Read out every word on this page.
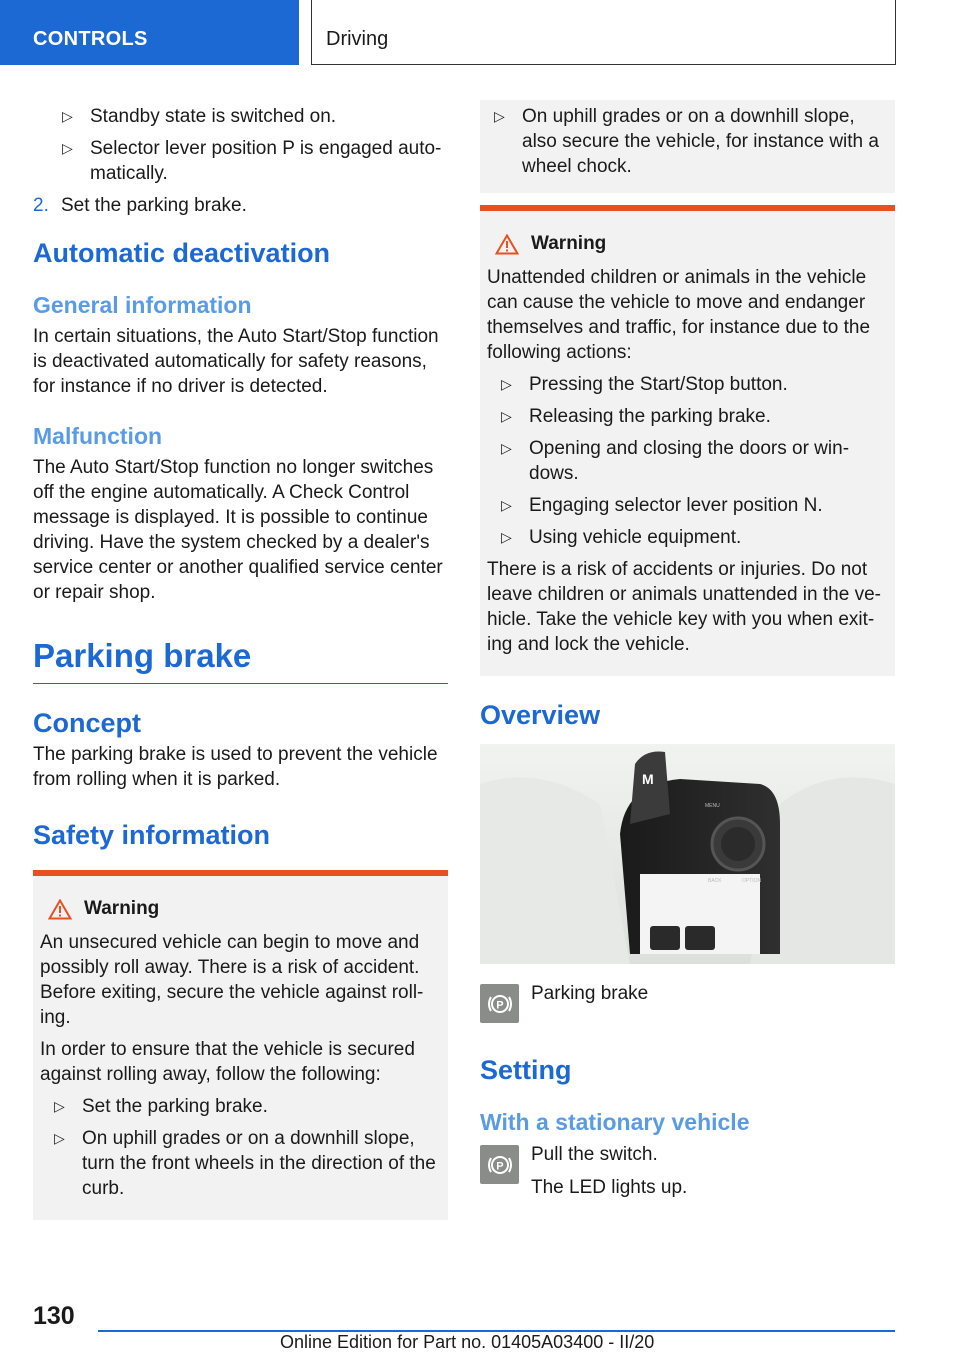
CONTROLS	Driving
▷ Standby state is switched on.
▷ Selector lever position P is engaged auto-
matically.

2. Set the parking brake.

Automatic deactivation
General information

In certain situations, the Auto Start/Stop function is deactivated automatically for safety reasons, for instance if no driver is detected.

Malfunction

The Auto Start/Stop function no longer switches off the engine automatically. A Check Control message is displayed. It is possible to continue driving. Have the system checked by a dealer's service center or another qualified service center or repair shop.

Parking brake
Concept

The parking brake is used to prevent the vehicle from rolling when it is parked.

Safety information
Warning

An unsecured vehicle can begin to move and possibly roll away. There is a risk of accident. Before exiting, secure the vehicle against roll-ing.

In order to ensure that the vehicle is secured against rolling away, follow the following:

▷ Set the parking brake.
▷ On uphill grades or on a downhill slope, turn the front wheels in the direction of the curb.
▷ On uphill grades or on a downhill slope, also secure the vehicle, for instance with a wheel chock.
Warning

Unattended children or animals in the vehicle can cause the vehicle to move and endanger themselves and traffic, for instance due to the following actions:

▷ Pressing the Start/Stop button.
▷ Releasing the parking brake.
▷ Opening and closing the doors or win-dows.
▷ Engaging selector lever position N.
▷ Using vehicle equipment.

There is a risk of accidents or injuries. Do not leave children or animals unattended in the ve-hicle. Take the vehicle key with you when exit-ing and lock the vehicle.

Overview
M
MENU
BACK	OPTION
P

Parking brake

Setting
With a stationary vehicle
P

Pull the switch.

The LED lights up.

130
Online Edition for Part no. 01405A03400 - II/20
